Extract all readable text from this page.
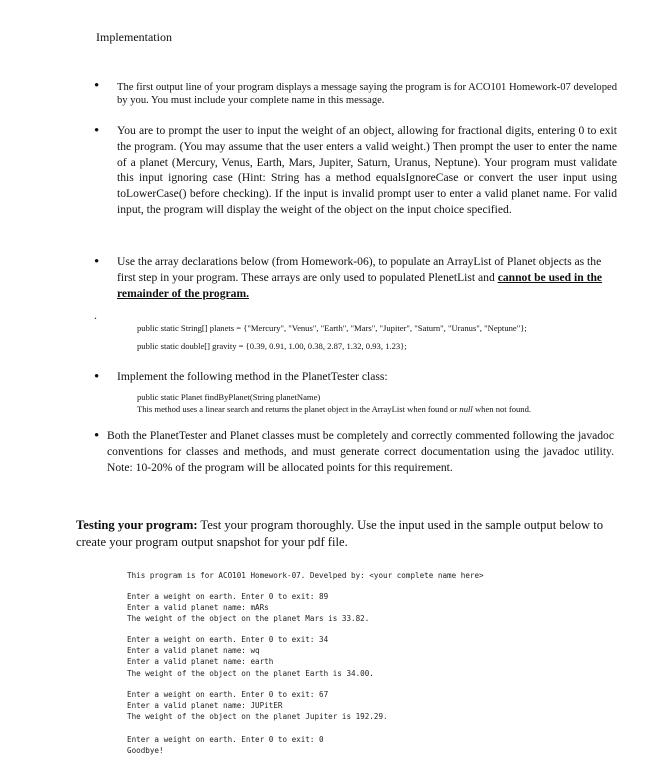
Implementation
• The first output line of your program displays a message saying the program is for ACO101 Homework-07 developed by you. You must include your complete name in this message.
• You are to prompt the user to input the weight of an object, allowing for fractional digits, entering 0 to exit the program. (You may assume that the user enters a valid weight.) Then prompt the user to enter the name of a planet (Mercury, Venus, Earth, Mars, Jupiter, Saturn, Uranus, Neptune). Your program must validate this input ignoring case (Hint: String has a method equalsIgnoreCase or convert the user input using toLowerCase() before checking). If the input is invalid prompt user to enter a valid planet name. For valid input, the program will display the weight of the object on the input choice specified.
• Use the array declarations below (from Homework-06), to populate an ArrayList of Planet objects as the first step in your program. These arrays are only used to populated PlenetList and cannot be used in the remainder of the program.
.
public static String[] planets = {"Mercury", "Venus", "Earth", "Mars", "Jupiter", "Saturn", "Uranus", "Neptune"};
public static double[] gravity = {0.39, 0.91, 1.00, 0.38, 2.87, 1.32, 0.93, 1.23};
• Implement the following method in the PlanetTester class:
public static Planet findByPlanet(String planetName)
This method uses a linear search and returns the planet object in the ArrayList when found or null when not found.
• Both the PlanetTester and Planet classes must be completely and correctly commented following the javadoc conventions for classes and methods, and must generate correct documentation using the javadoc utility. Note: 10-20% of the program will be allocated points for this requirement.
Testing your program: Test your program thoroughly. Use the input used in the sample output below to create your program output snapshot for your pdf file.
This program is for ACO101 Homework-07. Develped by: <your complete name here>
Enter a weight on earth. Enter 0 to exit: 89
Enter a valid planet name: mARs
The weight of the object on the planet Mars is 33.82.
Enter a weight on earth. Enter 0 to exit: 34
Enter a valid planet name: wq
Enter a valid planet name: earth
The weight of the object on the planet Earth is 34.00.
Enter a weight on earth. Enter 0 to exit: 67
Enter a valid planet name: JUPitER
The weight of the object on the planet Jupiter is 192.29.
Enter a weight on earth. Enter 0 to exit: 0
Goodbye!
